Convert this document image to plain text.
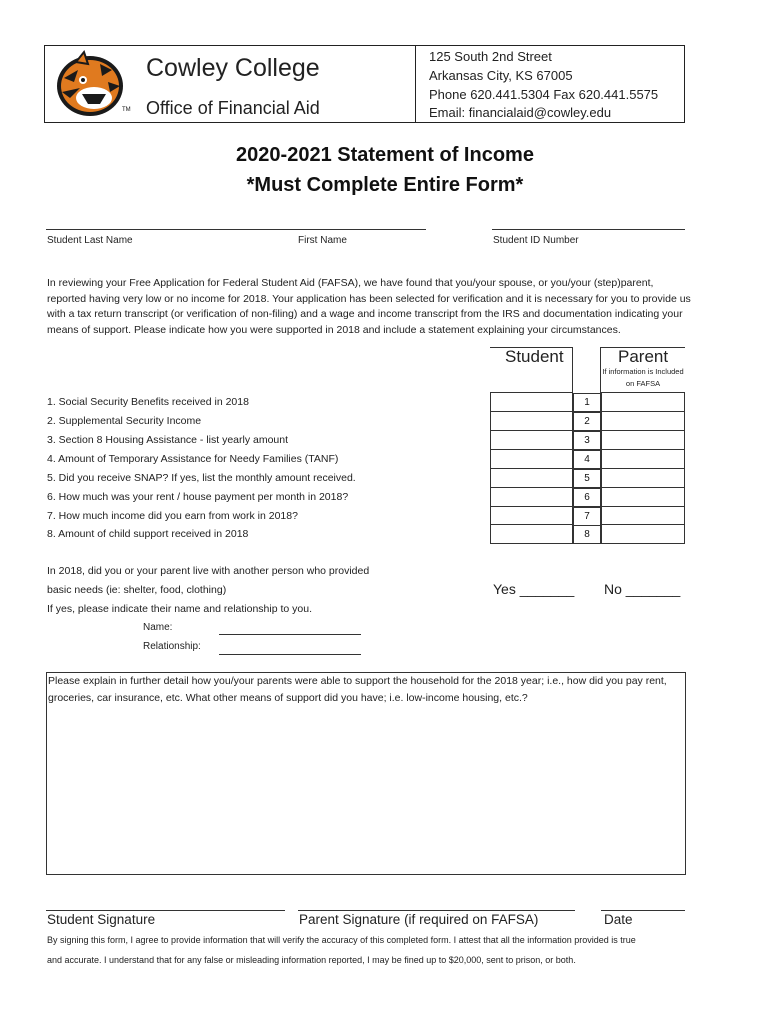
TM
Cowley College
Office of Financial Aid
125 South 2nd Street
Arkansas City, KS 67005
Phone 620.441.5304 Fax 620.441.5575
Email: financialaid@cowley.edu
2020-2021 Statement of Income
*Must Complete Entire Form*
Student Last Name	First Name	Student ID Number
In reviewing your Free Application for Federal Student Aid (FAFSA), we have found that you/your spouse, or you/your (step)parent, reported having very low or no income for 2018. Your application has been selected for verification and it is necessary for you to provide us with a tax return transcript (or verification of non-filing) and a wage and income transcript from the IRS and documentation indicating your means of support. Please indicate how you were supported in 2018 and include a statement explaining your circumstances.
Student	Parent
If information is Included
on FAFSA
1. Social Security Benefits received in 2018	1
2. Supplemental Security Income	2
3. Section 8 Housing Assistance - list yearly amount	3
4. Amount of Temporary Assistance for Needy Families (TANF)	4
5. Did you receive SNAP? If yes, list the monthly amount received.	5
6. How much was your rent / house payment per month in 2018?	6
7. How much income did you earn from work in 2018?	7
8. Amount of child support received in 2018	8
In 2018, did you or your parent live with another person who provided
basic needs (ie: shelter, food, clothing)
If yes, please indicate their name and relationship to you.
Yes _______ No _______
Name:
Relationship:
Please explain in further detail how you/your parents were able to support the household for the 2018 year; i.e., how did you pay rent, groceries, car insurance, etc. What other means of support did you have; i.e. low-income housing, etc.?
Student Signature	Parent Signature (if required on FAFSA)	Date
By signing this form, I agree to provide information that will verify the accuracy of this completed form. I attest that all the information provided is true
and accurate. I understand that for any false or misleading information reported, I may be fined up to $20,000, sent to prison, or both.
